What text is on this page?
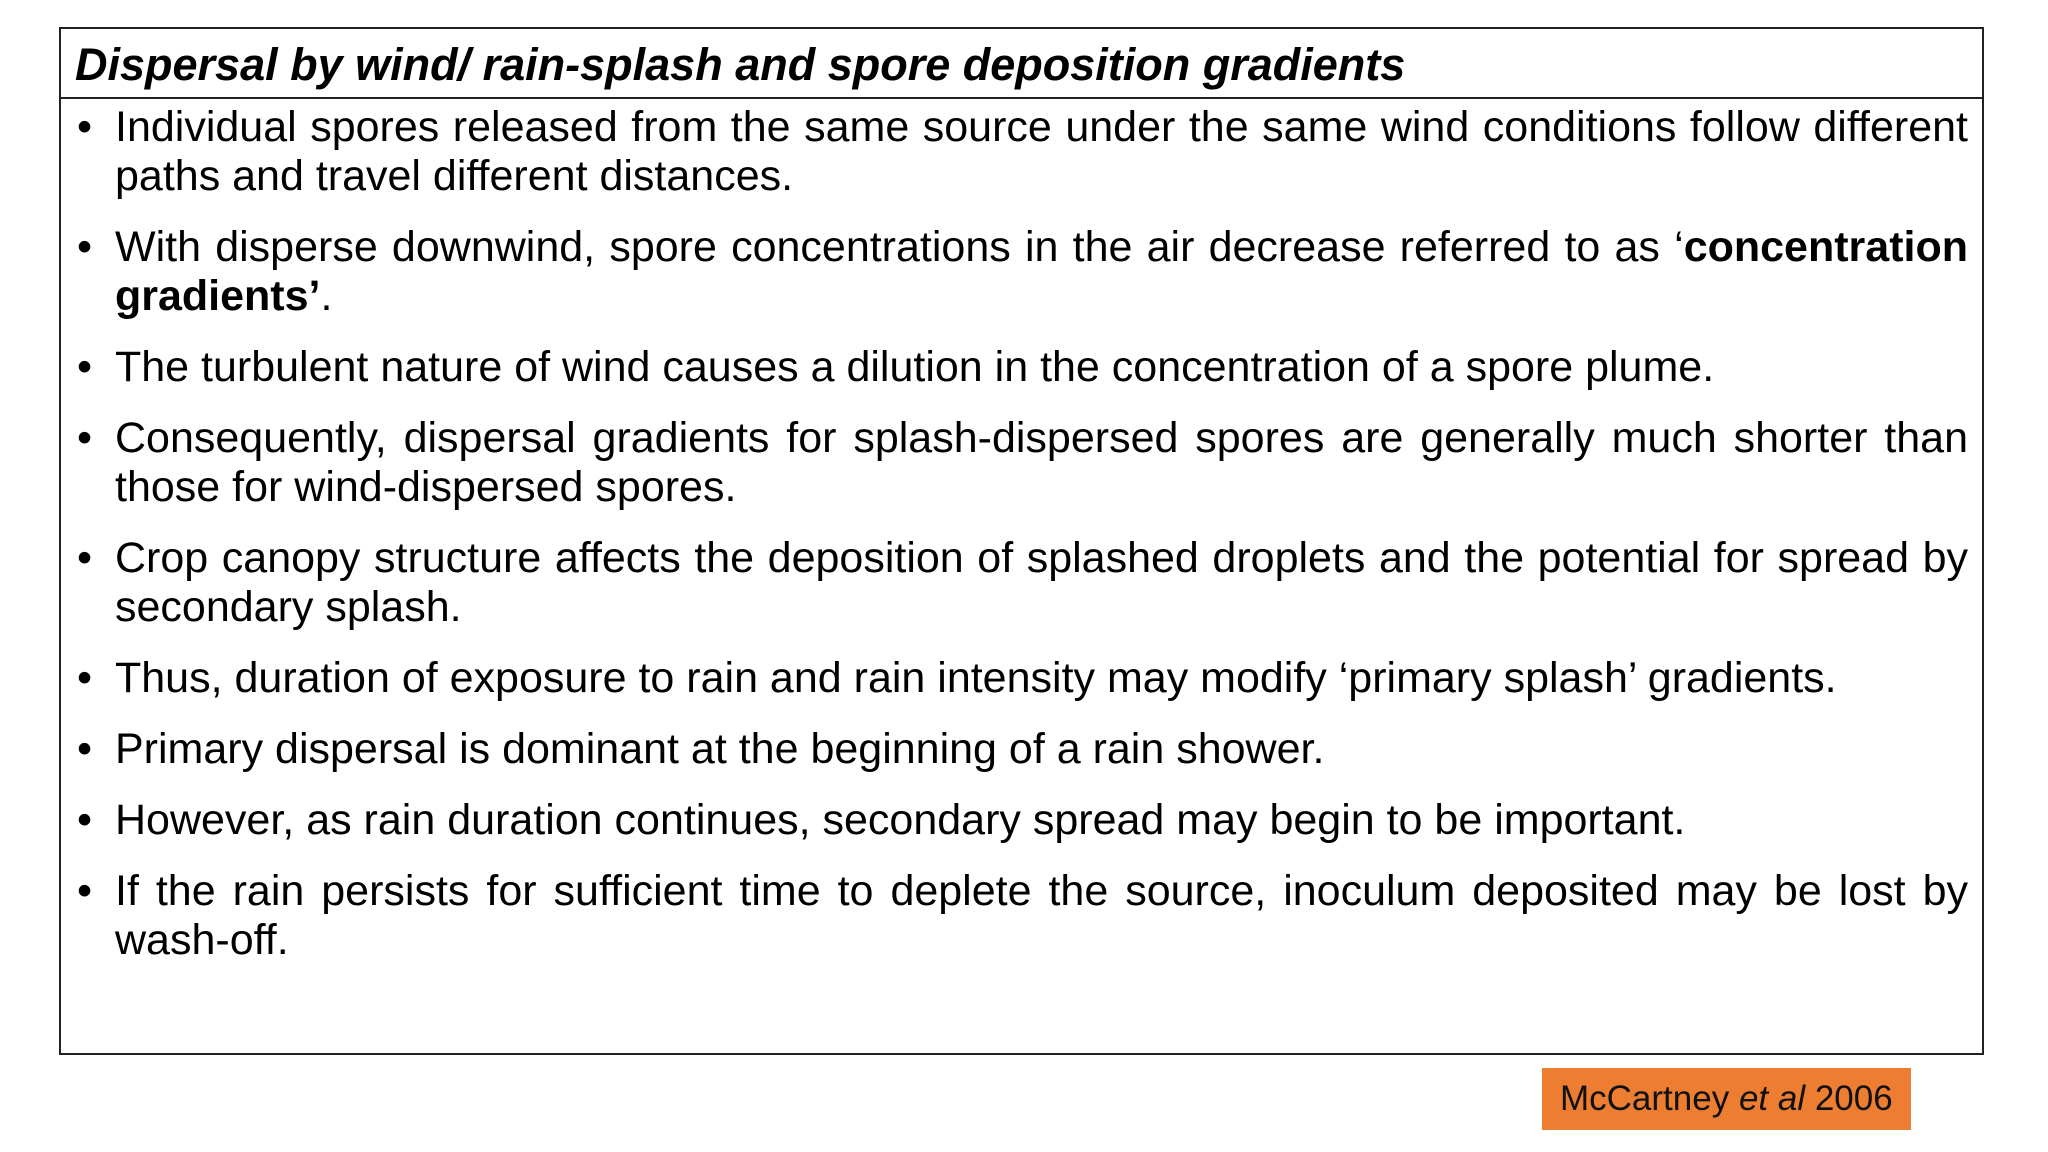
Dispersal by wind/ rain-splash and spore deposition gradients
• Individual spores released from the same source under the same wind conditions follow different paths and travel different distances.
• With disperse downwind, spore concentrations in the air decrease referred to as ‘concentration gradients’.
• The turbulent nature of wind causes a dilution in the concentration of a spore plume.
• Consequently, dispersal gradients for splash-dispersed spores are generally much shorter than those for wind-dispersed spores.
• Crop canopy structure affects the deposition of splashed droplets and the potential for spread by secondary splash.
• Thus, duration of exposure to rain and rain intensity may modify ‘primary splash’ gradients.
• Primary dispersal is dominant at the beginning of a rain shower.
• However, as rain duration continues, secondary spread may begin to be important.
• If the rain persists for sufficient time to deplete the source, inoculum deposited may be lost by wash-off.
McCartney et al 2006
